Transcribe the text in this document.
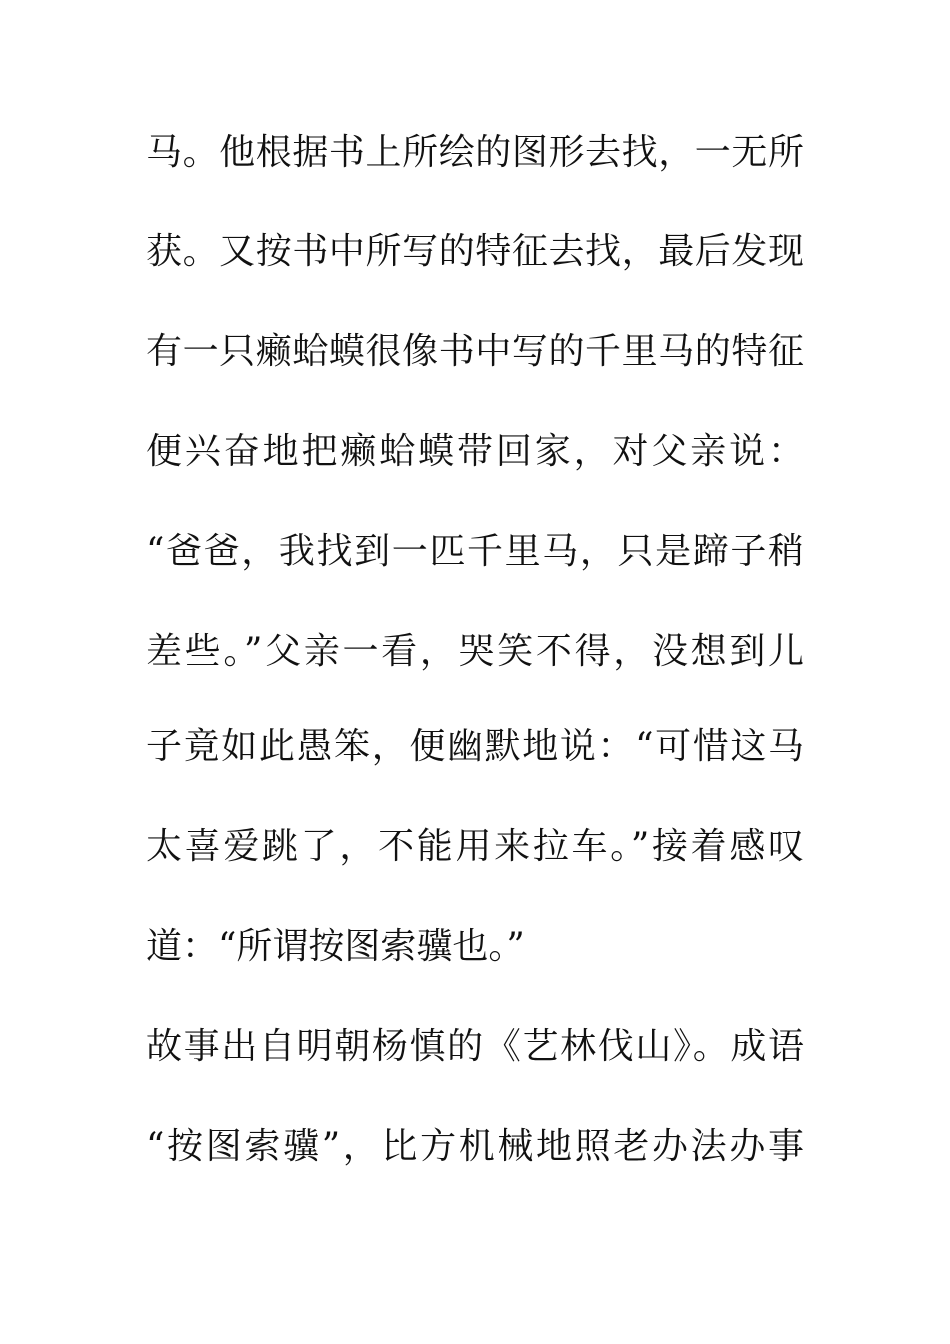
马。他根据书上所绘的图形去找，一无所
获。又按书中所写的特征去找，最后发现
有一只癞蛤蟆很像书中写的千里马的特征
便兴奋地把癞蛤蟆带回家，对父亲说：
“爸爸，我找到一匹千里马，只是蹄子稍
差些。”父亲一看，哭笑不得，没想到儿
子竟如此愚笨，便幽默地说：“可惜这马
太喜爱跳了，不能用来拉车。”接着感叹
道：“所谓按图索骥也。”
故事出自明朝杨慎的《艺林伐山》。成语
“按图索骥”，比方机械地照老办法办事
